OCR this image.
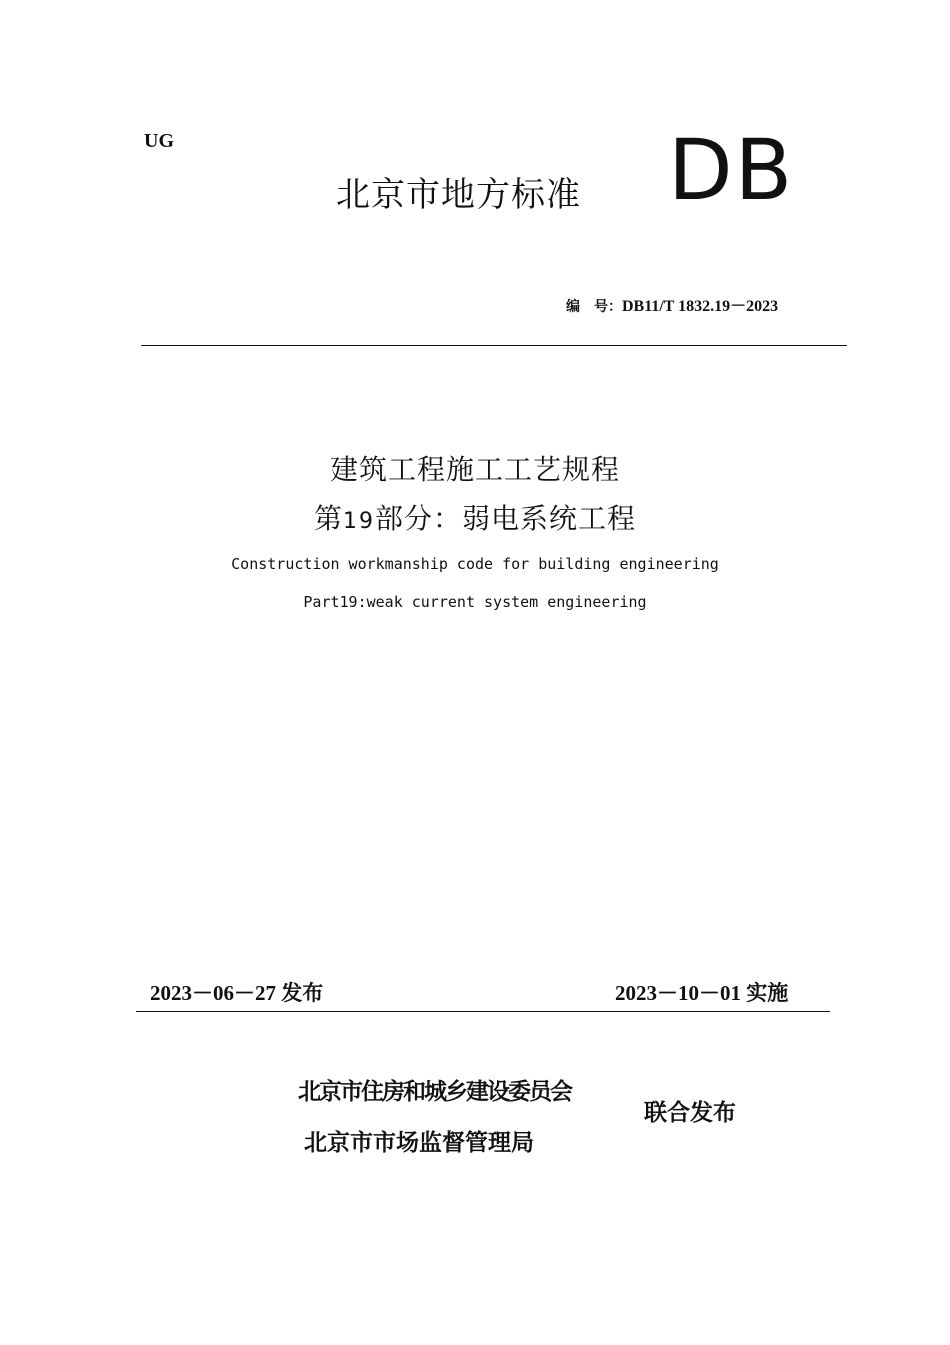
UG
北京市地方标准 DB
编　号：DB11/T 1832.19－2023
建筑工程施工工艺规程
第19部分：弱电系统工程
Construction workmanship code for building engineering
Part19:weak current system engineering
2023－06－27 发布	2023－10－01 实施
北京市住房和城乡建设委员会
北京市市场监督管理局
联合发布
